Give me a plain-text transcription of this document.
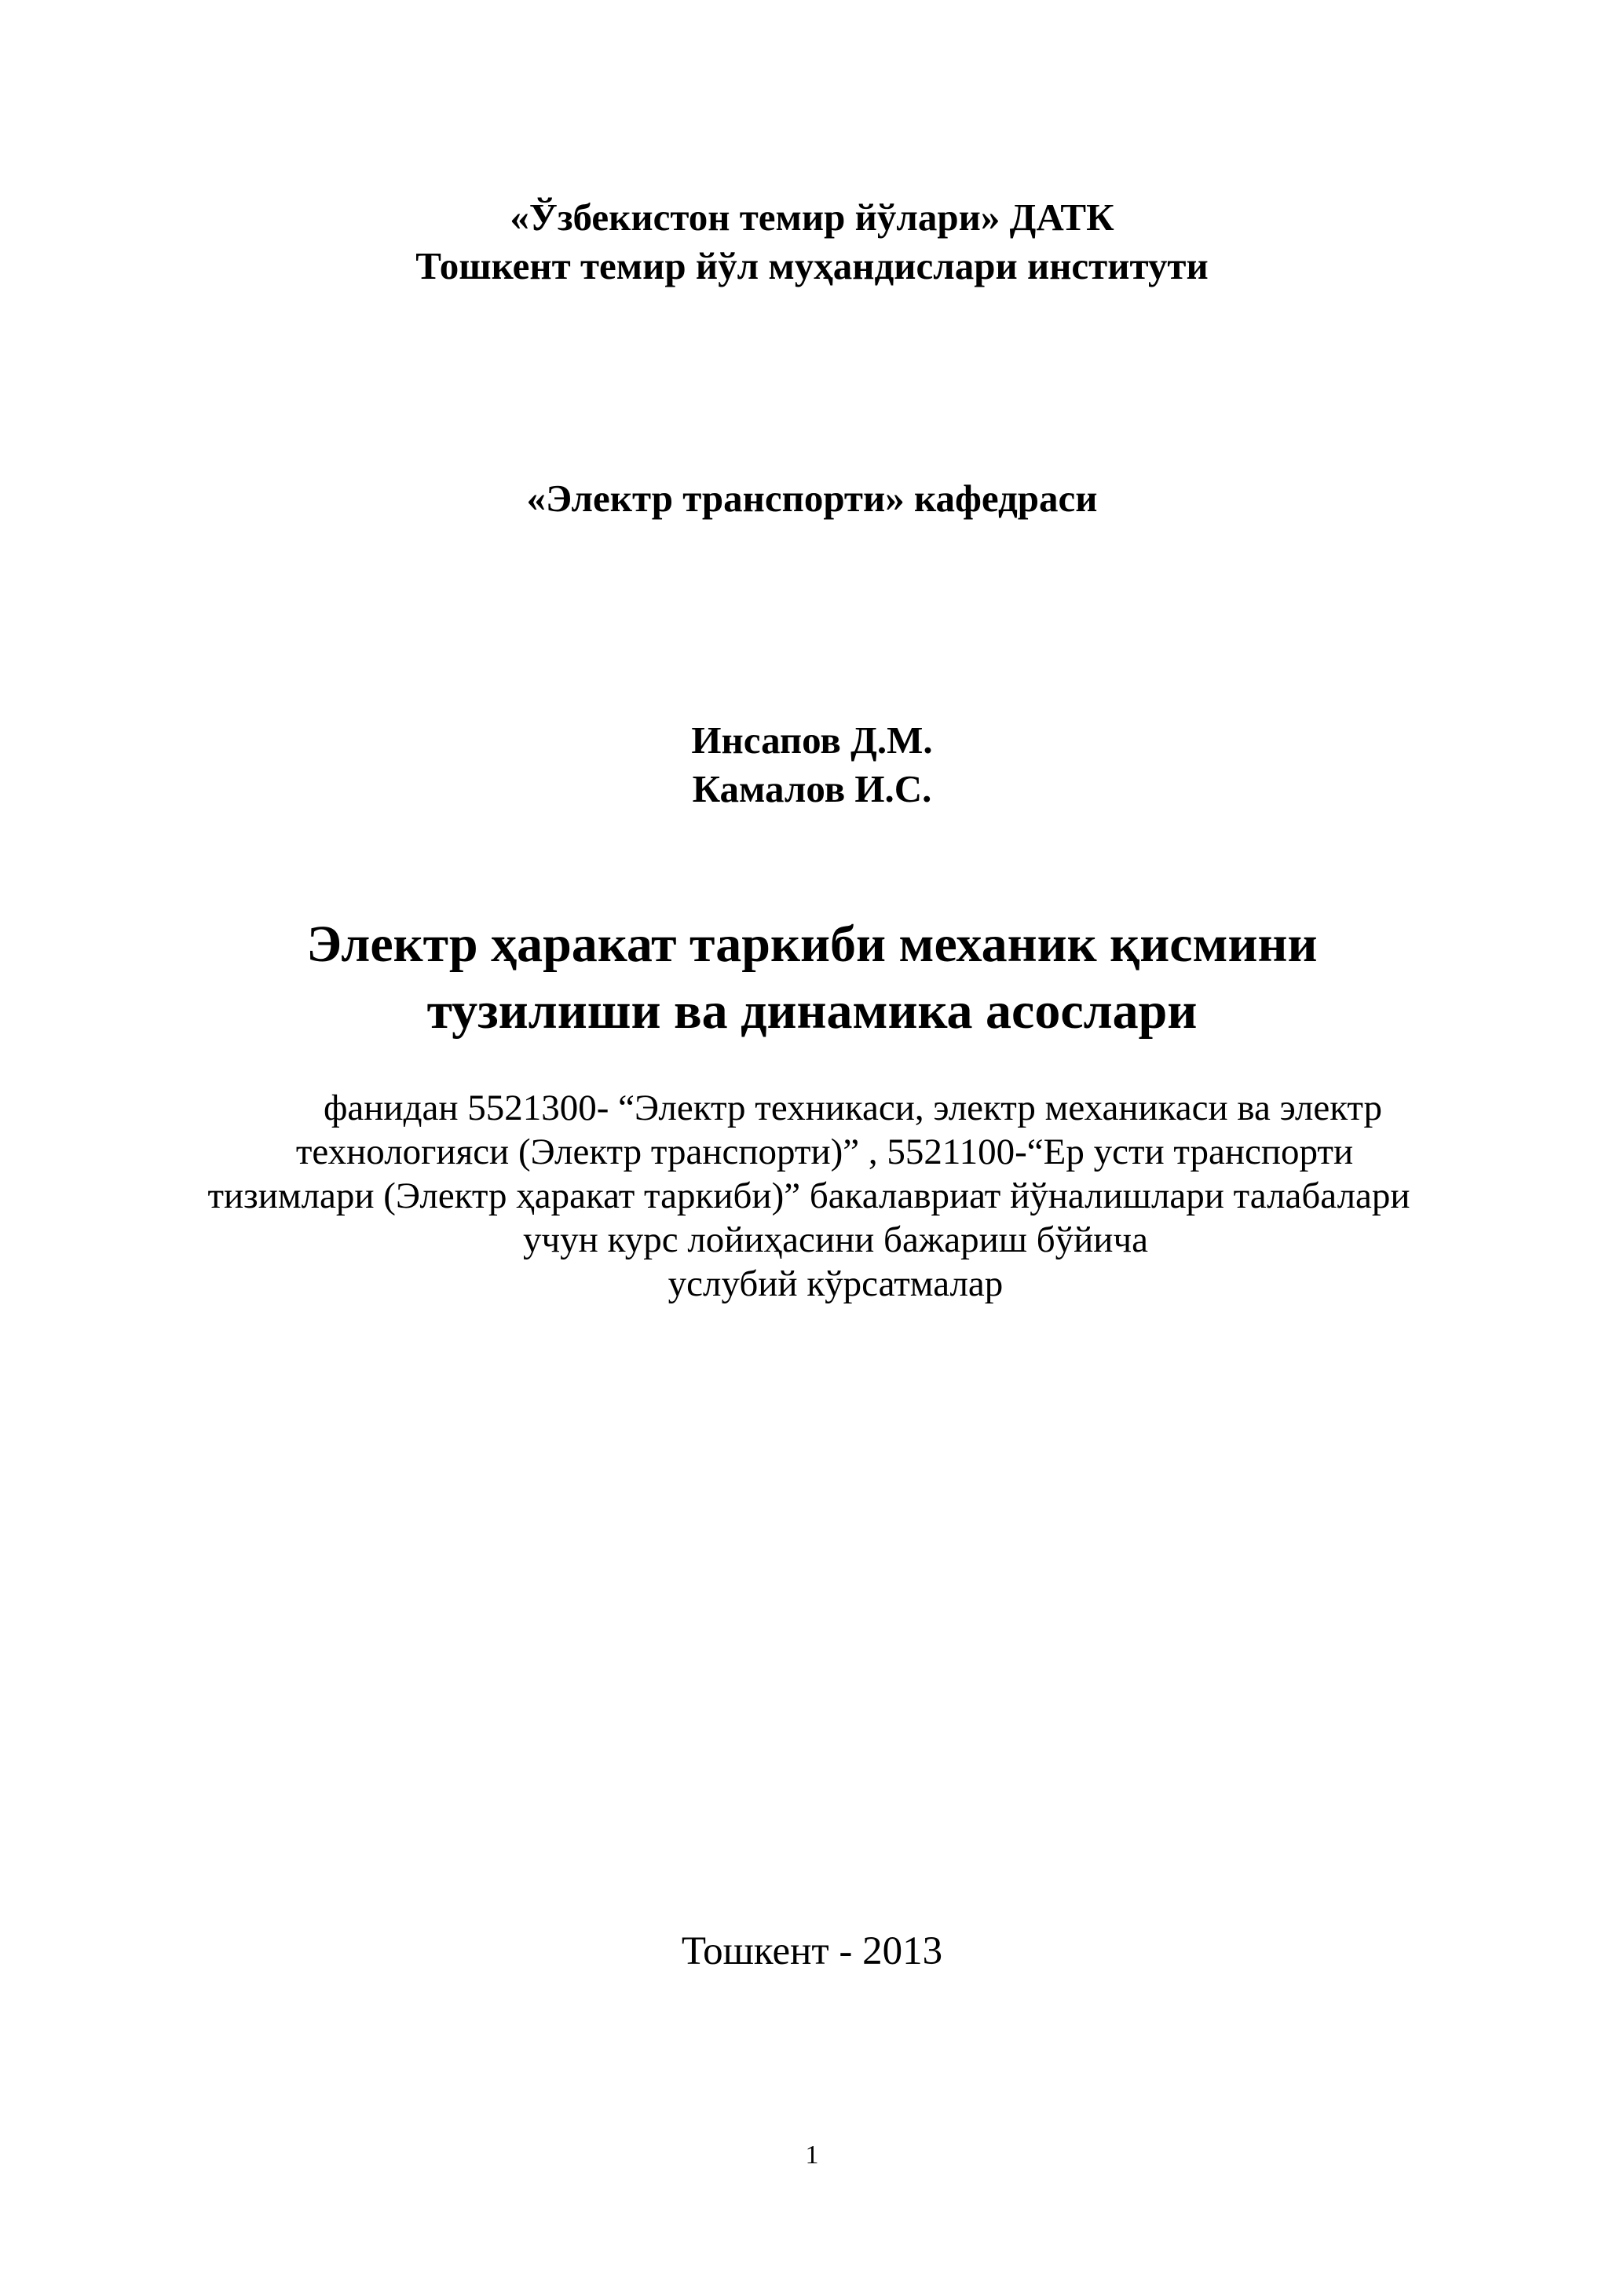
«Ўзбекистон темир йўлари» ДАТК
Тошкент темир йўл муҳандислари институти
«Электр транспорти» кафедраси
Инсапов Д.М.
Камалов И.С.
Электр ҳаракат таркиби механик қисмини
тузилиши ва динамика асослари
фанидан 5521300- “Электр техникаси, электр механикаси ва электр
технологияси (Электр транспорти)” , 5521100-“Ер усти транспорти
тизимлари (Электр ҳаракат таркиби)” бакалавриат йўналишлари талабалари
учун курс лойиҳасини бажариш бўйича
услубий кўрсатмалар
Тошкент - 2013
1
